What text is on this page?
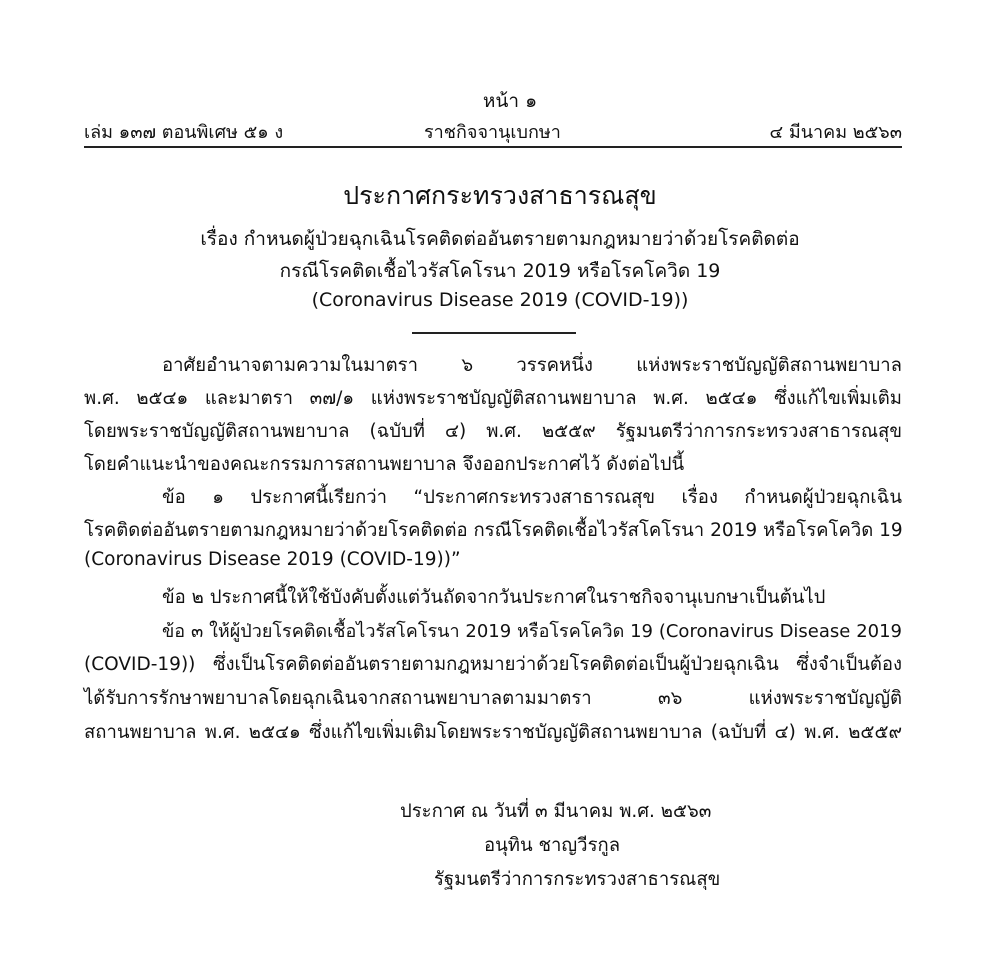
หน้า ๑
เล่ม ๑๓๗ ตอนพิเศษ ๕๑ ง	ราชกิจจานุเบกษา	๔ มีนาคม ๒๕๖๓
ประกาศกระทรวงสาธารณสุข
เรื่อง กำหนดผู้ป่วยฉุกเฉินโรคติดต่ออันตรายตามกฎหมายว่าด้วยโรคติดต่อ
กรณีโรคติดเชื้อไวรัสโคโรนา 2019 หรือโรคโควิด 19
(Coronavirus Disease 2019 (COVID-19))
อาศัยอำนาจตามความในมาตรา ๖ วรรคหนึ่ง แห่งพระราชบัญญัติสถานพยาบาล
พ.ศ. ๒๕๔๑ และมาตรา ๓๗/๑ แห่งพระราชบัญญัติสถานพยาบาล พ.ศ. ๒๕๔๑ ซึ่งแก้ไขเพิ่มเติม
โดยพระราชบัญญัติสถานพยาบาล (ฉบับที่ ๔) พ.ศ. ๒๕๕๙ รัฐมนตรีว่าการกระทรวงสาธารณสุข
โดยคำแนะนำของคณะกรรมการสถานพยาบาล จึงออกประกาศไว้ ดังต่อไปนี้
ข้อ ๑ ประกาศนี้เรียกว่า “ประกาศกระทรวงสาธารณสุข เรื่อง กำหนดผู้ป่วยฉุกเฉิน
โรคติดต่ออันตรายตามกฎหมายว่าด้วยโรคติดต่อ กรณีโรคติดเชื้อไวรัสโคโรนา 2019 หรือโรคโควิด 19
(Coronavirus Disease 2019 (COVID-19))”
ข้อ ๒ ประกาศนี้ให้ใช้บังคับตั้งแต่วันถัดจากวันประกาศในราชกิจจานุเบกษาเป็นต้นไป
ข้อ ๓ ให้ผู้ป่วยโรคติดเชื้อไวรัสโคโรนา 2019 หรือโรคโควิด 19 (Coronavirus Disease 2019
(COVID-19)) ซึ่งเป็นโรคติดต่ออันตรายตามกฎหมายว่าด้วยโรคติดต่อเป็นผู้ป่วยฉุกเฉิน ซึ่งจำเป็นต้อง
ได้รับการรักษาพยาบาลโดยฉุกเฉินจากสถานพยาบาลตามมาตรา ๓๖ แห่งพระราชบัญญัติ
สถานพยาบาล พ.ศ. ๒๕๔๑ ซึ่งแก้ไขเพิ่มเติมโดยพระราชบัญญัติสถานพยาบาล (ฉบับที่ ๔) พ.ศ. ๒๕๕๙
ประกาศ ณ วันที่ ๓ มีนาคม พ.ศ. ๒๕๖๓
อนุทิน ชาญวีรกูล
รัฐมนตรีว่าการกระทรวงสาธารณสุข
